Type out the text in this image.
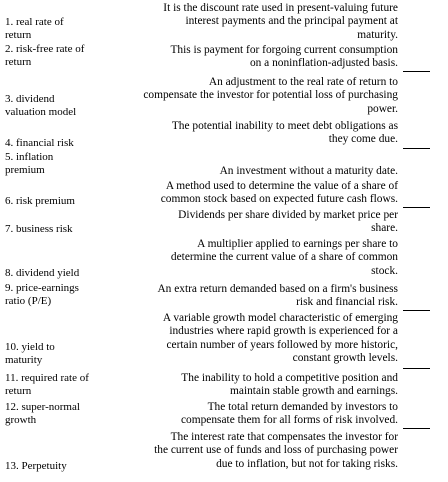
1. real rate of
return
2. risk-free rate of
return
3. dividend
valuation model
4. financial risk
5. inflation
premium
6. risk premium
7. business risk
8. dividend yield
9. price-earnings
ratio (P/E)
10. yield to
maturity
11. required rate of
return
12. super-normal
growth
13. Perpetuity
It is the discount rate used in present-valuing future
interest payments and the principal payment at
maturity.
This is payment for forgoing current consumption
on a noninflation-adjusted basis.
An adjustment to the real rate of return to
compensate the investor for potential loss of purchasing
power.
The potential inability to meet debt obligations as
they come due.
An investment without a maturity date.
A method used to determine the value of a share of
common stock based on expected future cash flows.
Dividends per share divided by market price per
share.
A multiplier applied to earnings per share to
determine the current value of a share of common
stock.
An extra return demanded based on a firm's business
risk and financial risk.
A variable growth model characteristic of emerging
industries where rapid growth is experienced for a
certain number of years followed by more historic,
constant growth levels.
The inability to hold a competitive position and
maintain stable growth and earnings.
The total return demanded by investors to
compensate them for all forms of risk involved.
The interest rate that compensates the investor for
the current use of funds and loss of purchasing power
due to inflation, but not for taking risks.
